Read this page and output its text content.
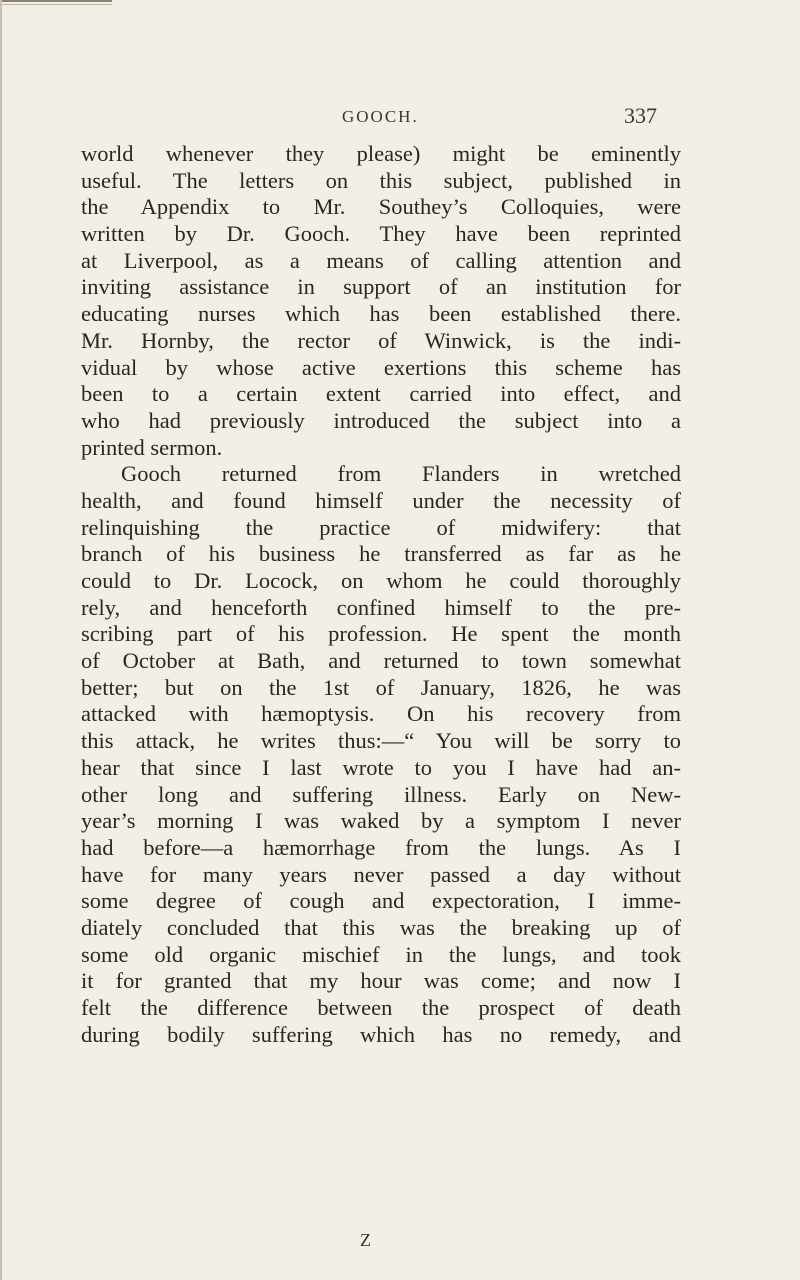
GOOCH.	337
world whenever they please) might be eminently
useful. The letters on this subject, published in
the Appendix to Mr. Southey’s Colloquies, were
written by Dr. Gooch. They have been reprinted
at Liverpool, as a means of calling attention and
inviting assistance in support of an institution for
educating nurses which has been established there.
Mr. Hornby, the rector of Winwick, is the indi-
vidual by whose active exertions this scheme has
been to a certain extent carried into effect, and
who had previously introduced the subject into a
printed sermon.
Gooch returned from Flanders in wretched
health, and found himself under the necessity of
relinquishing the practice of midwifery: that
branch of his business he transferred as far as he
could to Dr. Locock, on whom he could thoroughly
rely, and henceforth confined himself to the pre-
scribing part of his profession. He spent the month
of October at Bath, and returned to town somewhat
better; but on the 1st of January, 1826, he was
attacked with hæmoptysis. On his recovery from
this attack, he writes thus:—“ You will be sorry to
hear that since I last wrote to you I have had an-
other long and suffering illness. Early on New-
year’s morning I was waked by a symptom I never
had before—a hæmorrhage from the lungs. As I
have for many years never passed a day without
some degree of cough and expectoration, I imme-
diately concluded that this was the breaking up of
some old organic mischief in the lungs, and took
it for granted that my hour was come; and now I
felt the difference between the prospect of death
during bodily suffering which has no remedy, and
Z
